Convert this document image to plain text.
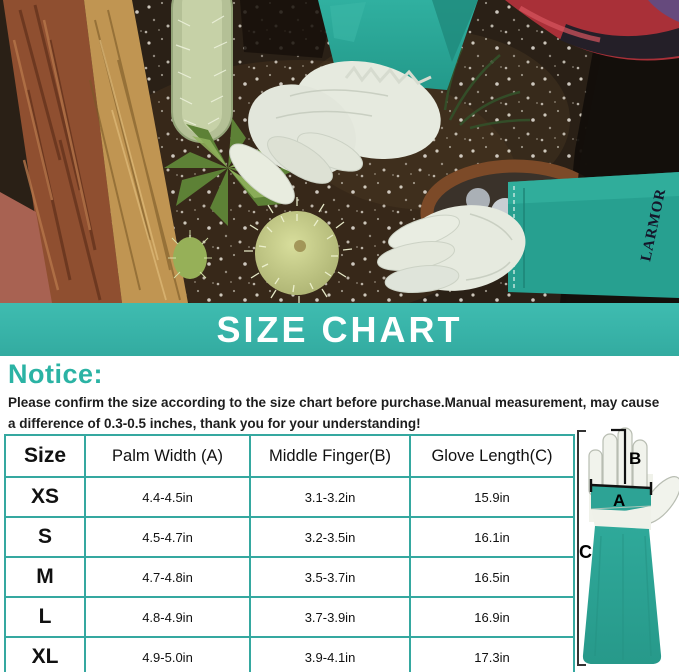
LARMOR
SIZE CHART
Notice:

Please confirm the size according to the size chart before purchase.Manual measurement, may cause
a difference of 0.3-0.5 inches, thank you for your understanding!

Size	Palm Width (A)	Middle Finger(B)	Glove Length(C)
XS	4.4-4.5in	3.1-3.2in	15.9in
S	4.5-4.7in	3.2-3.5in	16.1in
M	4.7-4.8in	3.5-3.7in	16.5in
L	4.8-4.9in	3.7-3.9in	16.9in
XL	4.9-5.0in	3.9-4.1in	17.3in
B
A
C
